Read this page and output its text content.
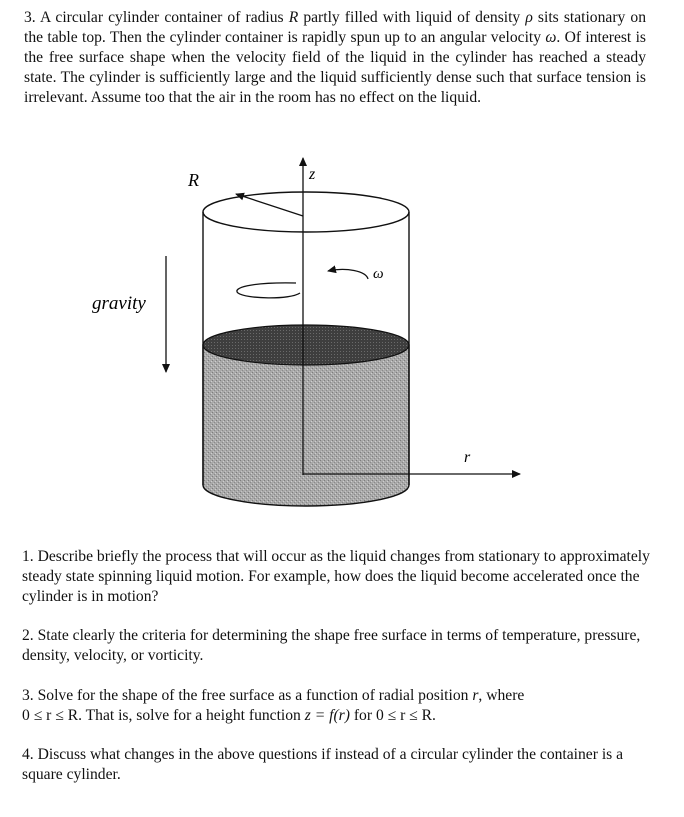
3. A circular cylinder container of radius R partly filled with liquid of density ρ sits stationary on the table top. Then the cylinder container is rapidly spun up to an angular velocity ω. Of interest is the free surface shape when the velocity field of the liquid in the cylinder has reached a steady state. The cylinder is sufficiently large and the liquid sufficiently dense such that surface tension is irrelevant. Assume too that the air in the room has no effect on the liquid.

z
r
R
ω
gravity

1. Describe briefly the process that will occur as the liquid changes from stationary to approximately steady state spinning liquid motion. For example, how does the liquid become accelerated once the cylinder is in motion?

2. State clearly the criteria for determining the shape free surface in terms of temperature, pressure, density, velocity, or vorticity.

3. Solve for the shape of the free surface as a function of radial position r, where
0 ≤ r ≤ R. That is, solve for a height function z = f(r) for 0 ≤ r ≤ R.

4. Discuss what changes in the above questions if instead of a circular cylinder the container is a square cylinder.
